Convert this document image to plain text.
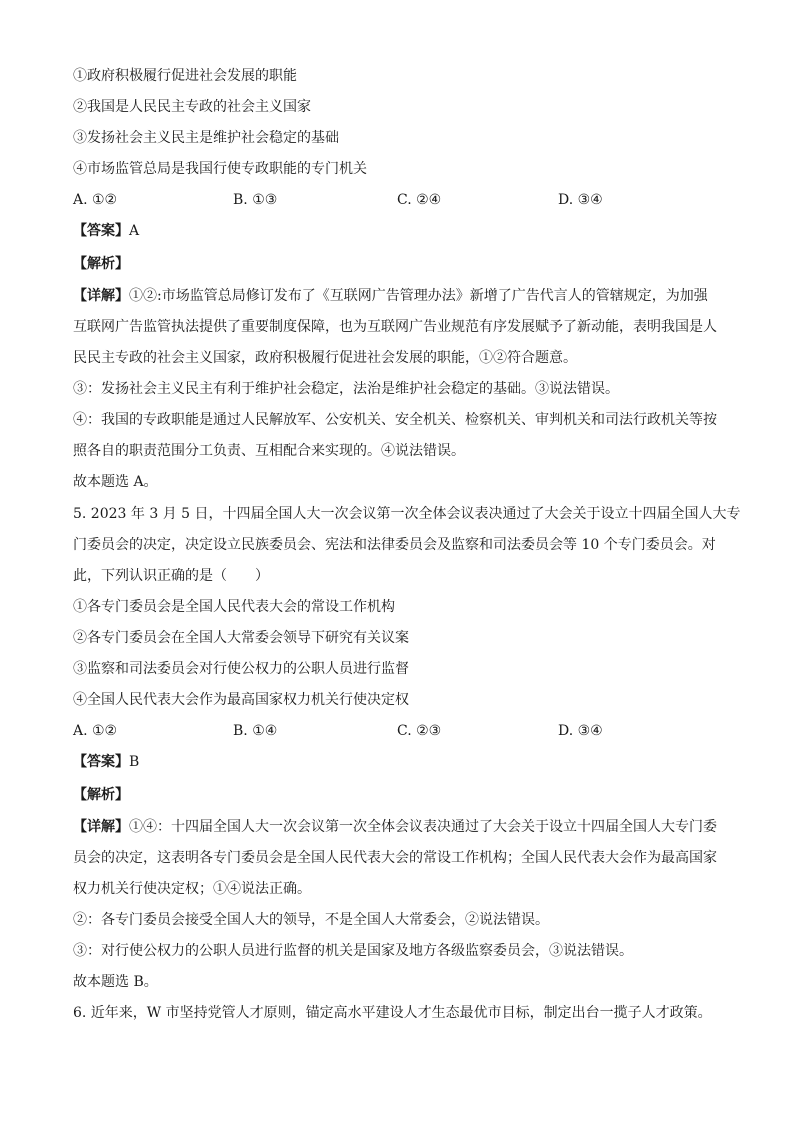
①政府积极履行促进社会发展的职能
②我国是人民民主专政的社会主义国家
③发扬社会主义民主是维护社会稳定的基础
④市场监管总局是我国行使专政职能的专门机关
A. ①②	B. ①③	C. ②④	D. ③④
【答案】A
【解析】
【详解】①②:市场监管总局修订发布了《互联网广告管理办法》新增了广告代言人的管辖规定，为加强
互联网广告监管执法提供了重要制度保障，也为互联网广告业规范有序发展赋予了新动能，表明我国是人
民民主专政的社会主义国家，政府积极履行促进社会发展的职能，①②符合题意。
③：发扬社会主义民主有利于维护社会稳定，法治是维护社会稳定的基础。③说法错误。
④：我国的专政职能是通过人民解放军、公安机关、安全机关、检察机关、审判机关和司法行政机关等按
照各自的职责范围分工负责、互相配合来实现的。④说法错误。
故本题选 A。
5. 2023 年 3 月 5 日，十四届全国人大一次会议第一次全体会议表决通过了大会关于设立十四届全国人大专
门委员会的决定，决定设立民族委员会、宪法和法律委员会及监察和司法委员会等 10 个专门委员会。对
此，下列认识正确的是（　　）
①各专门委员会是全国人民代表大会的常设工作机构
②各专门委员会在全国人大常委会领导下研究有关议案
③监察和司法委员会对行使公权力的公职人员进行监督
④全国人民代表大会作为最高国家权力机关行使决定权
A. ①②	B. ①④	C. ②③	D. ③④
【答案】B
【解析】
【详解】①④：十四届全国人大一次会议第一次全体会议表决通过了大会关于设立十四届全国人大专门委
员会的决定，这表明各专门委员会是全国人民代表大会的常设工作机构；全国人民代表大会作为最高国家
权力机关行使决定权；①④说法正确。
②：各专门委员会接受全国人大的领导，不是全国人大常委会，②说法错误。
③：对行使公权力的公职人员进行监督的机关是国家及地方各级监察委员会，③说法错误。
故本题选 B。
6. 近年来，W 市坚持党管人才原则，锚定高水平建设人才生态最优市目标，制定出台一揽子人才政策。
